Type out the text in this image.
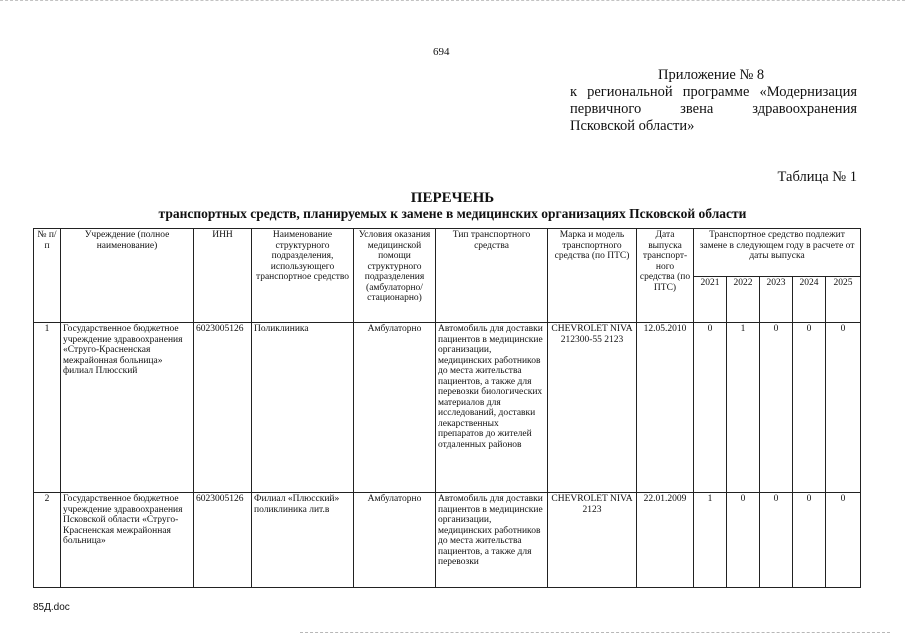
694
Приложение № 8
к региональной программе «Модернизация
первичного звена здравоохранения
Псковской области»
Таблица № 1
ПЕРЕЧЕНЬ
транспортных средств, планируемых к замене в медицинских организациях Псковской области
№ п/п	Учреждение (полное наименование)	ИНН	Наименование структурного подразделения, использующего транспортное средство	Условия оказания медицинской помощи структурного подразделения (амбулаторно/ стационарно)	Тип транспортного средства	Марка и модель транспортного средства (по ПТС)	Дата выпуска транспорт-ного средства (по ПТС)	Транспортное средство подлежит замене в следующем году в расчете от даты выпуска				
								2021	2022	2023	2024	2025
1	Государственное бюджетное учреждение здравоохранения «Струго-Красненская межрайонная больница» филиал Плюсский	6023005126	Поликлиника	Амбулаторно	Автомобиль для доставки пациентов в медицинские организации, медицинских работников до места жительства пациентов, а также для перевозки биологических материалов для исследований, доставки лекарственных препаратов до жителей отдаленных районов	CHEVROLET NIVA 212300-55 2123	12.05.2010	0	1	0	0	0
2	Государственное бюджетное учреждение здравоохранения Псковской области «Струго-Красненская межрайонная больница»	6023005126	Филиал «Плюсский» поликлиника лит.в	Амбулаторно	Автомобиль для доставки пациентов в медицинские организации, медицинских работников до места жительства пациентов, а также для перевозки	CHEVROLET NIVA 2123	22.01.2009	1	0	0	0	0
85Д.doc
